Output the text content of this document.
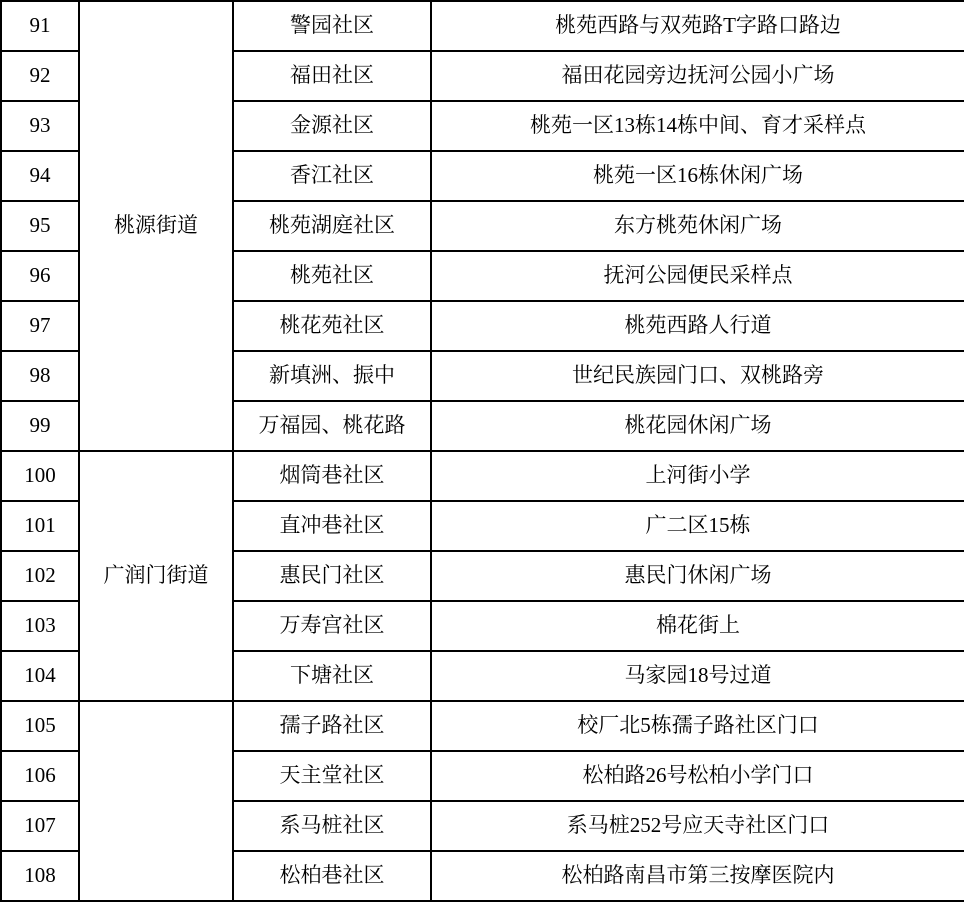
91	桃源街道	警园社区	桃苑西路与双苑路T字路口路边
92		福田社区	福田花园旁边抚河公园小广场
93		金源社区	桃苑一区13栋14栋中间、育才采样点
94		香江社区	桃苑一区16栋休闲广场
95		桃苑湖庭社区	东方桃苑休闲广场
96		桃苑社区	抚河公园便民采样点
97		桃花苑社区	桃苑西路人行道
98		新填洲、振中	世纪民族园门口、双桃路旁
99		万福园、桃花路	桃花园休闲广场
100	广润门街道	烟筒巷社区	上河街小学
101		直冲巷社区	广二区15栋
102		惠民门社区	惠民门休闲广场
103		万寿宫社区	棉花街上
104		下塘社区	马家园18号过道
105		孺子路社区	校厂北5栋孺子路社区门口
106		天主堂社区	松柏路26号松柏小学门口
107		系马桩社区	系马桩252号应天寺社区门口
108		松柏巷社区	松柏路南昌市第三按摩医院内
